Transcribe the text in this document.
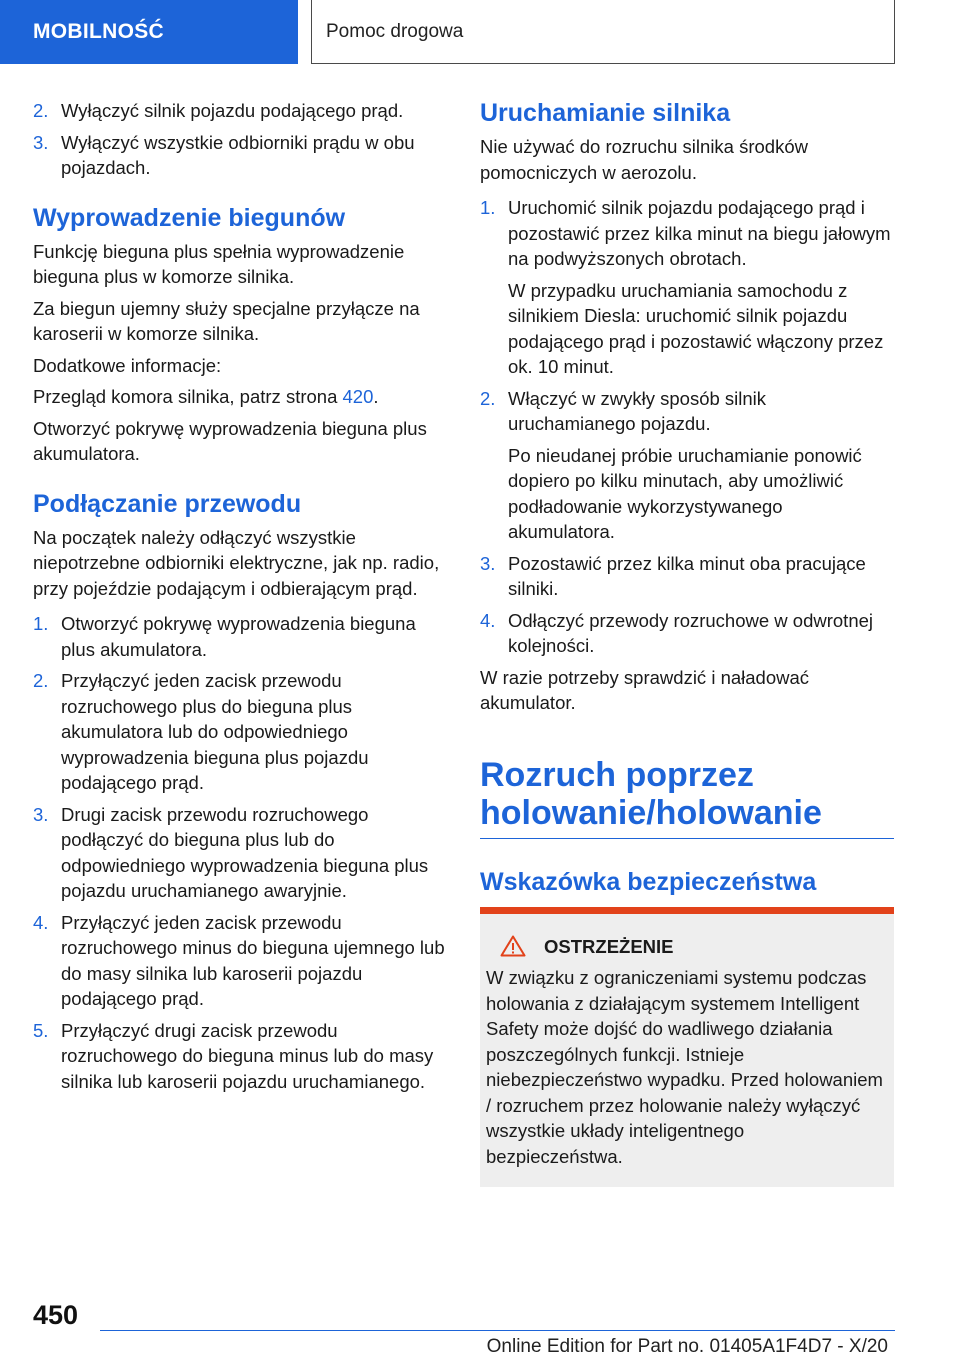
MOBILNOŚĆ	Pomoc drogowa
2. Wyłączyć silnik pojazdu podającego prąd.

3. Wyłączyć wszystkie odbiorniki prądu w obu pojazdach.

Wyprowadzenie biegunów

Funkcję bieguna plus spełnia wyprowadzenie bieguna plus w komorze silnika.

Za biegun ujemny służy specjalne przyłącze na karoserii w komorze silnika.

Dodatkowe informacje:

Przegląd komora silnika, patrz strona 420.

Otworzyć pokrywę wyprowadzenia bieguna plus akumulatora.

Podłączanie przewodu

Na początek należy odłączyć wszystkie niepotrzebne odbiorniki elektryczne, jak np. radio, przy pojeździe podającym i odbierającym prąd.

1. Otworzyć pokrywę wyprowadzenia bieguna plus akumulatora.

2. Przyłączyć jeden zacisk przewodu rozruchowego plus do bieguna plus akumulatora lub do odpowiedniego wyprowadzenia bieguna plus pojazdu podającego prąd.

3. Drugi zacisk przewodu rozruchowego podłączyć do bieguna plus lub do odpowiedniego wyprowadzenia bieguna plus pojazdu uruchamianego awaryjnie.

4. Przyłączyć jeden zacisk przewodu rozruchowego minus do bieguna ujemnego lub do masy silnika lub karoserii pojazdu podającego prąd.

5. Przyłączyć drugi zacisk przewodu rozruchowego do bieguna minus lub do masy silnika lub karoserii pojazdu uruchamianego.

Uruchamianie silnika

Nie używać do rozruchu silnika środków pomocniczych w aerozolu.

1. Uruchomić silnik pojazdu podającego prąd i pozostawić przez kilka minut na biegu jałowym na podwyższonych obrotach.

W przypadku uruchamiania samochodu z silnikiem Diesla: uruchomić silnik pojazdu podającego prąd i pozostawić włączony przez ok. 10 minut.

2. Włączyć w zwykły sposób silnik uruchamianego pojazdu.

Po nieudanej próbie uruchamianie ponowić dopiero po kilku minutach, aby umożliwić podładowanie wykorzystywanego akumulatora.

3. Pozostawić przez kilka minut oba pracujące silniki.

4. Odłączyć przewody rozruchowe w odwrotnej kolejności.

W razie potrzeby sprawdzić i naładować akumulator.

Rozruch poprzez holowanie/holowanie
Wskazówka bezpieczeństwa
OSTRZEŻENIE

W związku z ograniczeniami systemu podczas holowania z działającym systemem Intelligent Safety może dojść do wadliwego działania poszczególnych funkcji. Istnieje niebezpieczeństwo wypadku. Przed holowaniem / rozruchem przez holowanie należy wyłączyć wszystkie układy inteligentnego bezpieczeństwa.

450
Online Edition for Part no. 01405A1F4D7 - X/20
